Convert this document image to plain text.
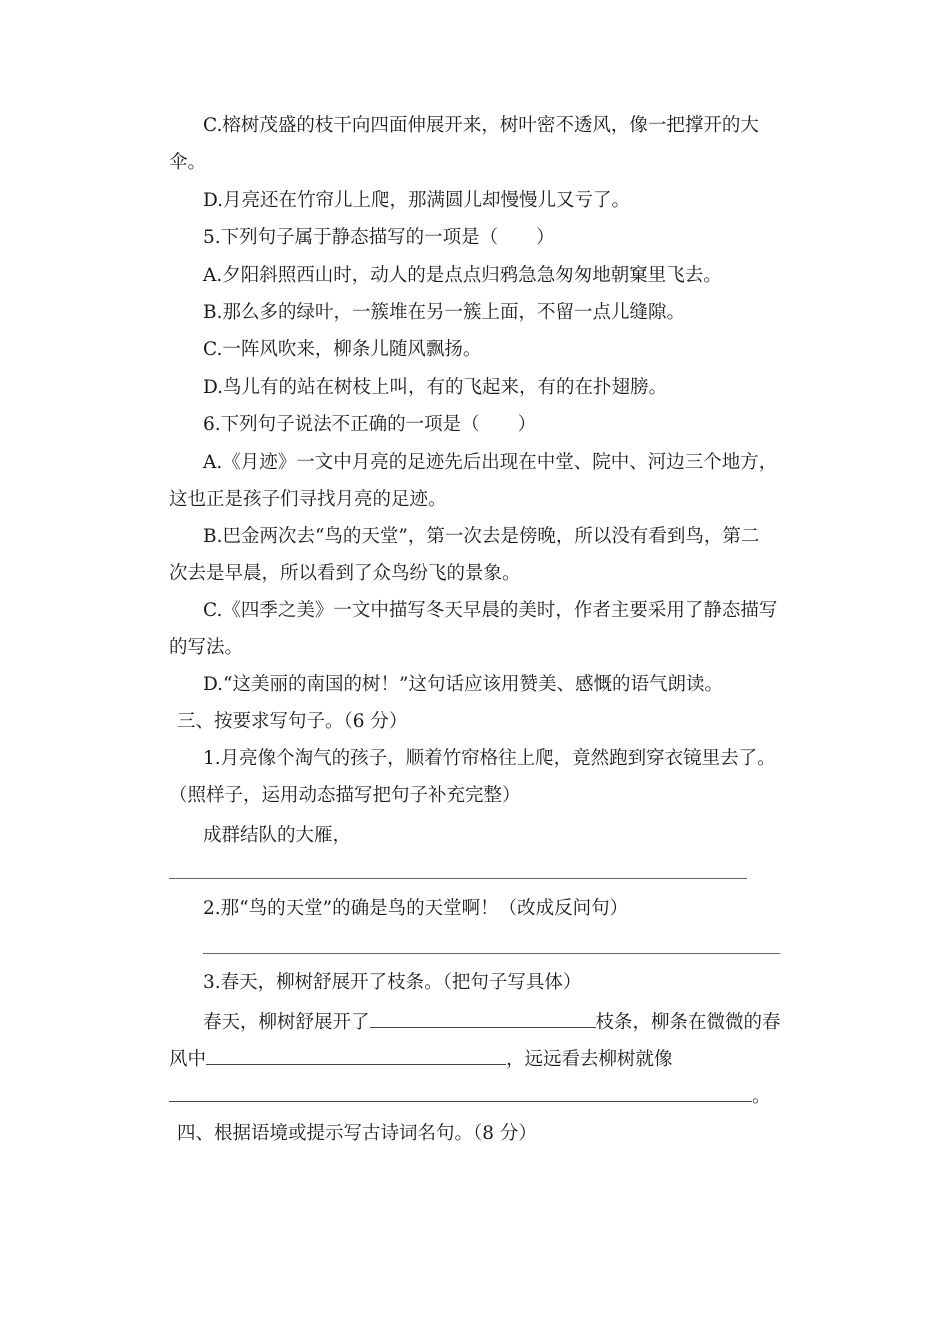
C.榕树茂盛的枝干向四面伸展开来，树叶密不透风，像一把撑开的大
伞。
D.月亮还在竹帘儿上爬，那满圆儿却慢慢儿又亏了。
5.下列句子属于静态描写的一项是（ ）
A.夕阳斜照西山时，动人的是点点归鸦急急匆匆地朝窠里飞去。
B.那么多的绿叶，一簇堆在另一簇上面，不留一点儿缝隙。
C.一阵风吹来，柳条儿随风飘扬。
D.鸟儿有的站在树枝上叫，有的飞起来，有的在扑翅膀。
6.下列句子说法不正确的一项是（ ）
A.《月迹》一文中月亮的足迹先后出现在中堂、院中、河边三个地方，
这也正是孩子们寻找月亮的足迹。
B.巴金两次去“鸟的天堂”，第一次去是傍晚，所以没有看到鸟，第二
次去是早晨，所以看到了众鸟纷飞的景象。
C.《四季之美》一文中描写冬天早晨的美时，作者主要采用了静态描写
的写法。
D.“这美丽的南国的树！”这句话应该用赞美、感慨的语气朗读。
三、按要求写句子。（6 分）
1.月亮像个淘气的孩子，顺着竹帘格往上爬，竟然跑到穿衣镜里去了。
（照样子，运用动态描写把句子补充完整）
成群结队的大雁，
2.那“鸟的天堂”的确是鸟的天堂啊！（改成反问句）
3.春天，柳树舒展开了枝条。（把句子写具体）
春天，柳树舒展开了	枝条，柳条在微微的春
风中	，远远看去柳树就像
。
四、根据语境或提示写古诗词名句。（8 分）
